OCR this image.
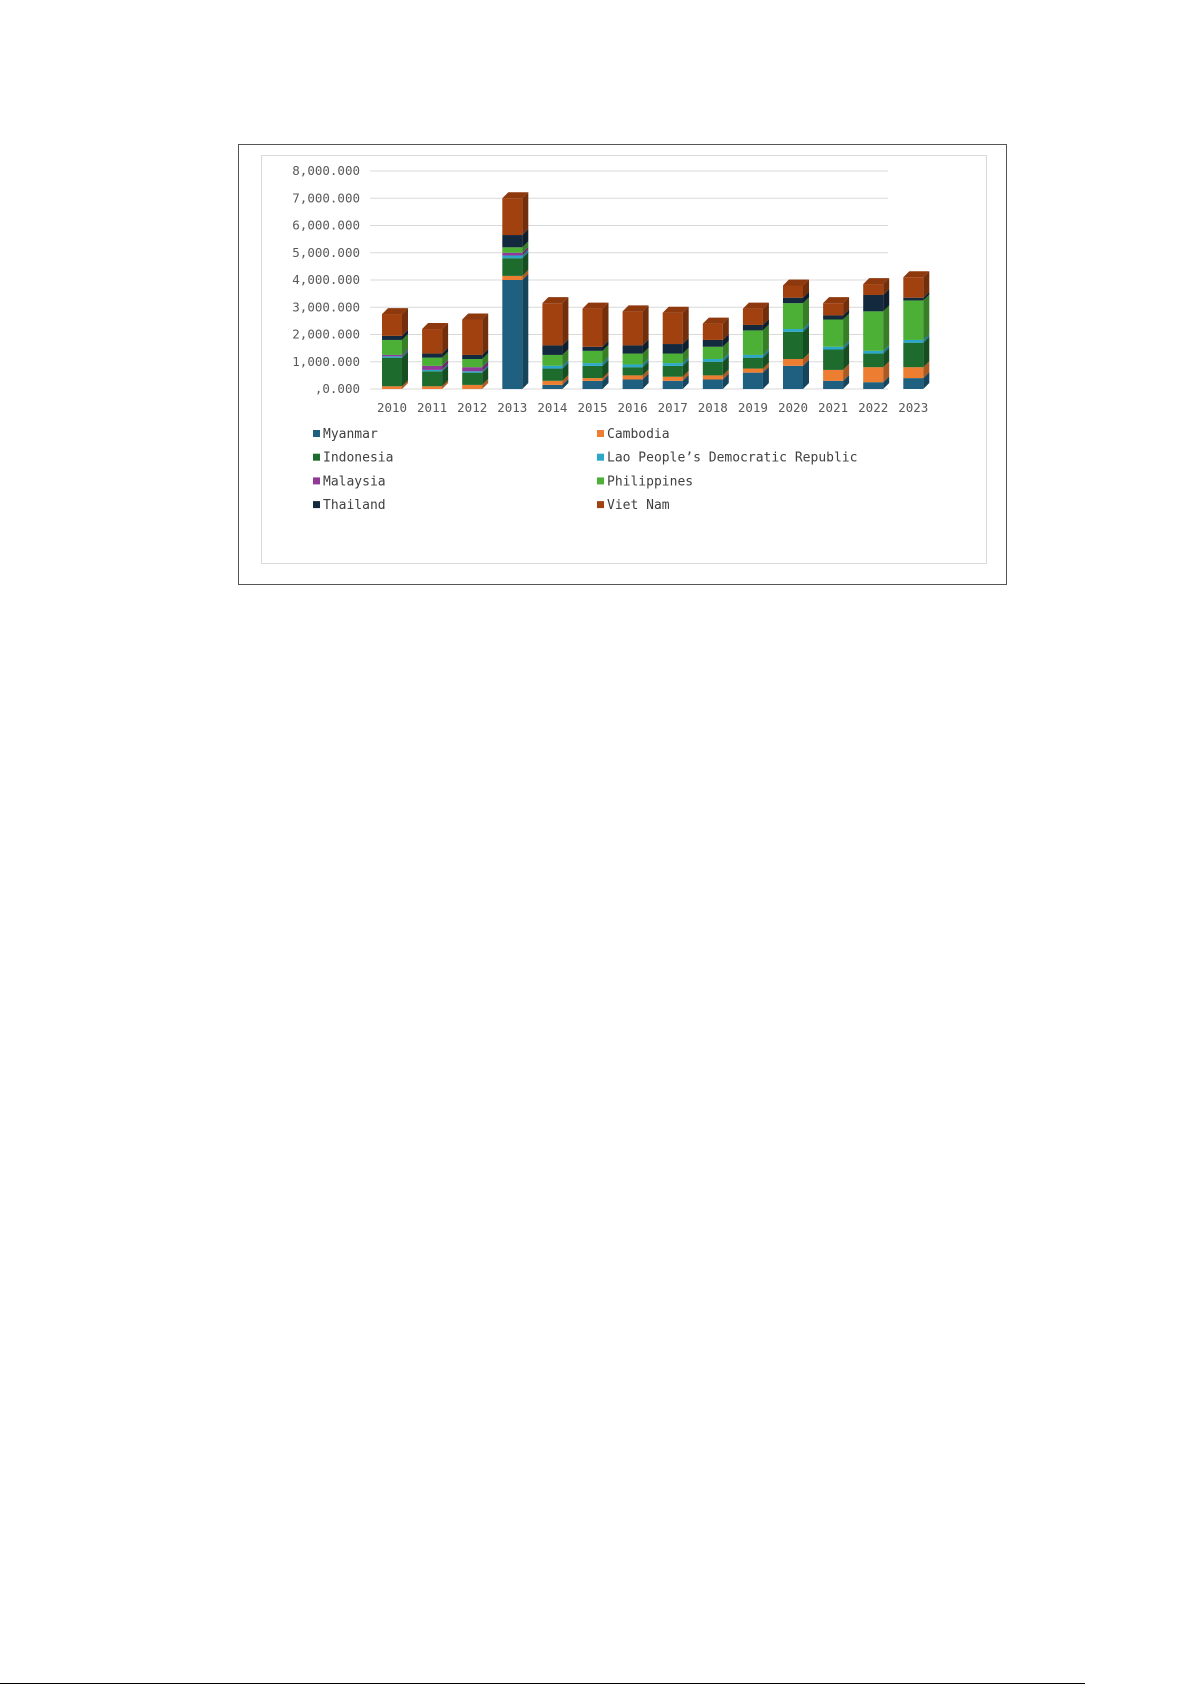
,0.000
1,000.000
2,000.000
3,000.000
4,000.000
5,000.000
6,000.000
7,000.000
8,000.000
2010 2011 2012 2013 2014 2015 2016 2017 2018 2019 2020 2021 2022 2023
Myanmar	Cambodia
Indonesia	Lao People’s Democratic Republic
Malaysia	Philippines
Thailand	Viet Nam
